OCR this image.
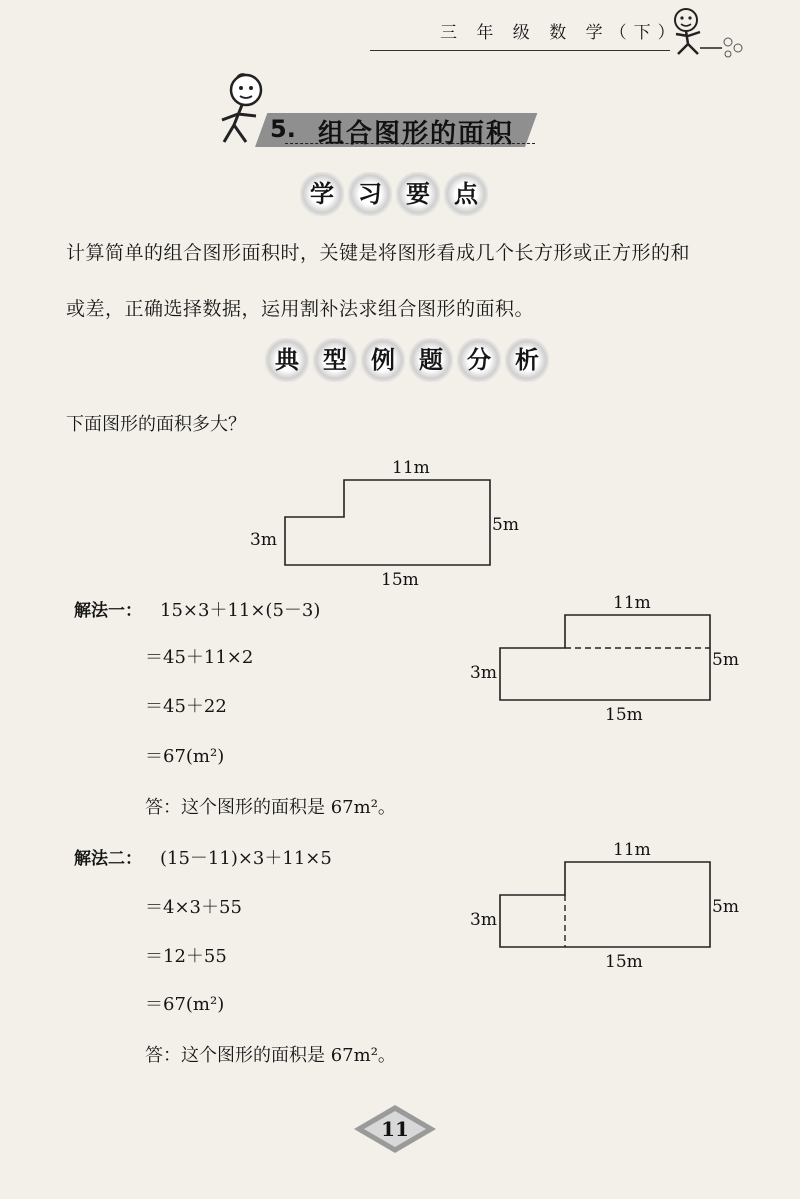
三 年 级 数 学（下）
5. 组合图形的面积
学	习	要	点
计算简单的组合图形面积时，关键是将图形看成几个长方形或正方形的和
或差，正确选择数据，运用割补法求组合图形的面积。
典	型	例	题	分	析
下面图形的面积多大？
11m
5m
3m
15m
解法一： 15×3＋11×(5－3)
＝45＋11×2
＝45＋22
＝67(m²)
答：这个图形的面积是 67m²。
11m
5m
3m
15m
解法二： (15－11)×3＋11×5
＝4×3＋55
＝12＋55
＝67(m²)
答：这个图形的面积是 67m²。
11m
5m
3m
15m
11
